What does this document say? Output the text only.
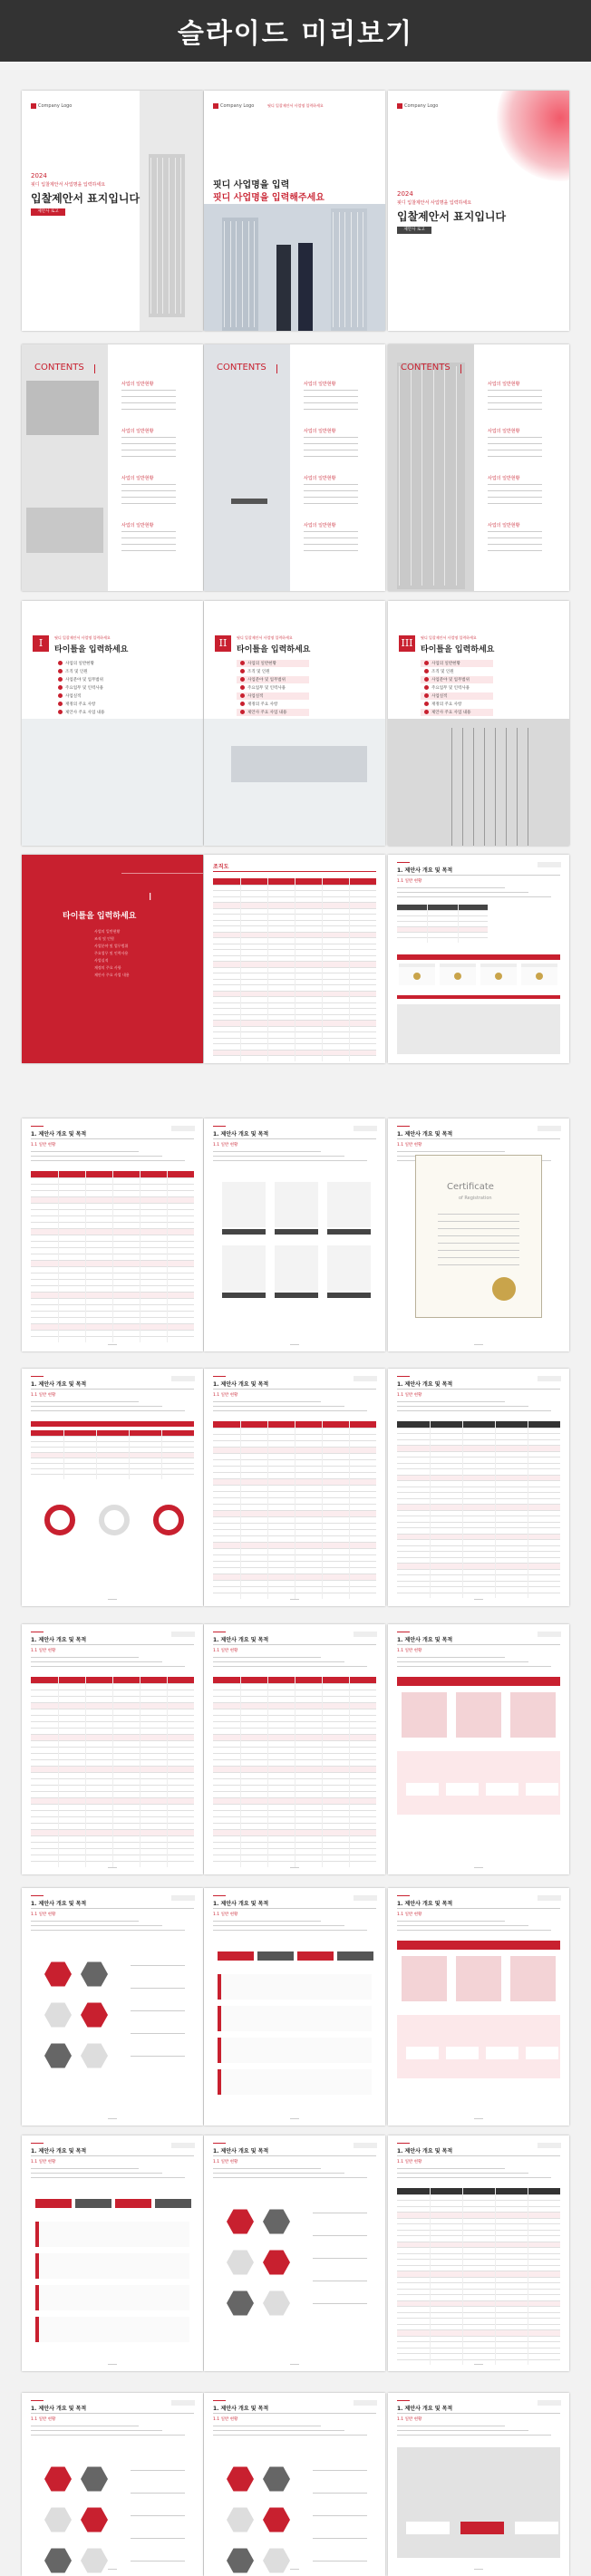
슬라이드 미리보기
Company Logo
2024
핏디 입찰제안서 사업명을 입력하세요
입찰제안서 표지입니다
제안사 로고
Company Logo	핏디 입찰제안서 사업명 입력하세요
핏디 사업명을 입력
핏디 사업명을 입력해주세요
Company Logo
2024
핏디 입찰제안서 사업명을 입력하세요
입찰제안서 표지입니다
제안사 로고
CONTENTS
사업의 일반현황
사업의 일반현황
사업의 일반현황
사업의 일반현황
CONTENTS
사업의 일반현황
사업의 일반현황
사업의 일반현황
사업의 일반현황
CONTENTS
사업의 일반현황
사업의 일반현황
사업의 일반현황
사업의 일반현황
I	핏디 입찰제안서 사업명 입력하세요
타이틀을 입력하세요
사업의 일반현황
조직 및 인원
사업분야 및 업무범위
주요업무 및 인력사용
사업실적
재정의 주요 사항
제안사 주요 사업 내용
II	핏디 입찰제안서 사업명 입력하세요
타이틀을 입력하세요
사업의 일반현황
조직 및 인원
사업분야 및 업무범위
주요업무 및 인력사용
사업실적
재정의 주요 사항
제안사 주요 사업 내용
III	핏디 입찰제안서 사업명 입력하세요
타이틀을 입력하세요
사업의 일반현황
조직 및 인원
사업분야 및 업무범위
주요업무 및 인력사용
사업실적
재정의 주요 사항
제안사 주요 사업 내용
I
타이틀을 입력하세요
사업의 일반현황
조직 및 인원
사업분야 및 업무범위
주요업무 및 인력사용
사업실적
재정의 주요 사항
제안사 주요 사업 내용
조직도
1. 제안사 개요 및 목적
1.1 일반 현황
1. 제안사 개요 및 목적
1.1 일반 현황
1. 제안사 개요 및 목적
1.1 일반 현황
1. 제안사 개요 및 목적
1.1 일반 현황
Certificate
of Registration
1. 제안사 개요 및 목적
1.1 일반 현황
1. 제안사 개요 및 목적
1.1 일반 현황
1. 제안사 개요 및 목적
1.1 일반 현황
1. 제안사 개요 및 목적
1.1 일반 현황
1. 제안사 개요 및 목적
1.1 일반 현황
1. 제안사 개요 및 목적
1.1 일반 현황
1. 제안사 개요 및 목적
1.1 일반 현황
1. 제안사 개요 및 목적
1.1 일반 현황
1. 제안사 개요 및 목적
1.1 일반 현황
1. 제안사 개요 및 목적
1.1 일반 현황
1. 제안사 개요 및 목적
1.1 일반 현황
1. 제안사 개요 및 목적
1.1 일반 현황
1. 제안사 개요 및 목적
1.1 일반 현황
1. 제안사 개요 및 목적
1.1 일반 현황
1. 제안사 개요 및 목적
1.1 일반 현황
